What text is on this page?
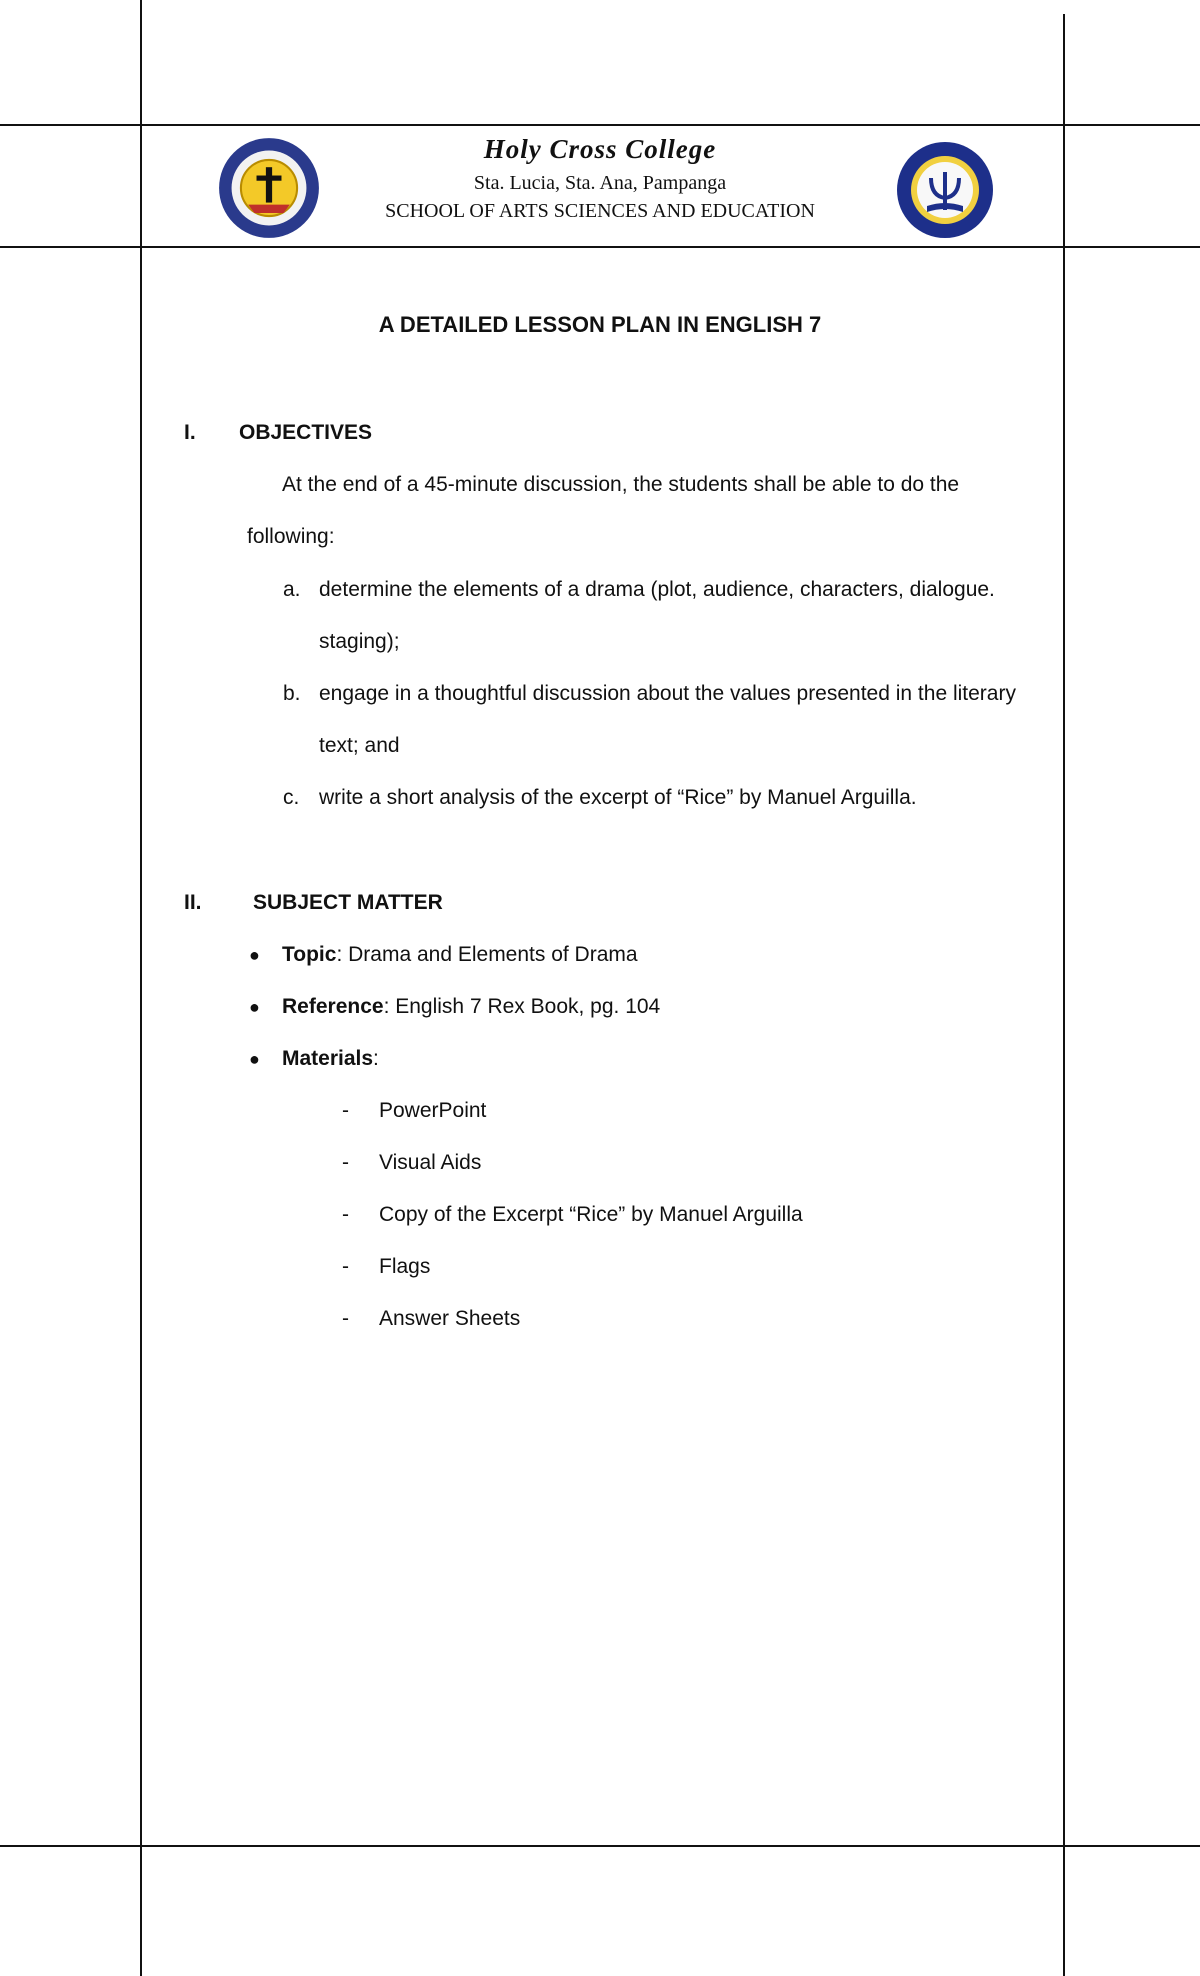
Holy Cross College
Sta. Lucia, Sta. Ana, Pampanga
SCHOOL OF ARTS SCIENCES AND EDUCATION
A DETAILED LESSON PLAN IN ENGLISH 7
I. OBJECTIVES
At the end of a 45-minute discussion, the students shall be able to do the
following:
a. determine the elements of a drama (plot, audience, characters, dialogue.
staging);
b. engage in a thoughtful discussion about the values presented in the literary
text; and
c. write a short analysis of the excerpt of “Rice” by Manuel Arguilla.
II. SUBJECT MATTER
● Topic: Drama and Elements of Drama
● Reference: English 7 Rex Book, pg. 104
● Materials:
- PowerPoint
- Visual Aids
- Copy of the Excerpt “Rice” by Manuel Arguilla
- Flags
- Answer Sheets
